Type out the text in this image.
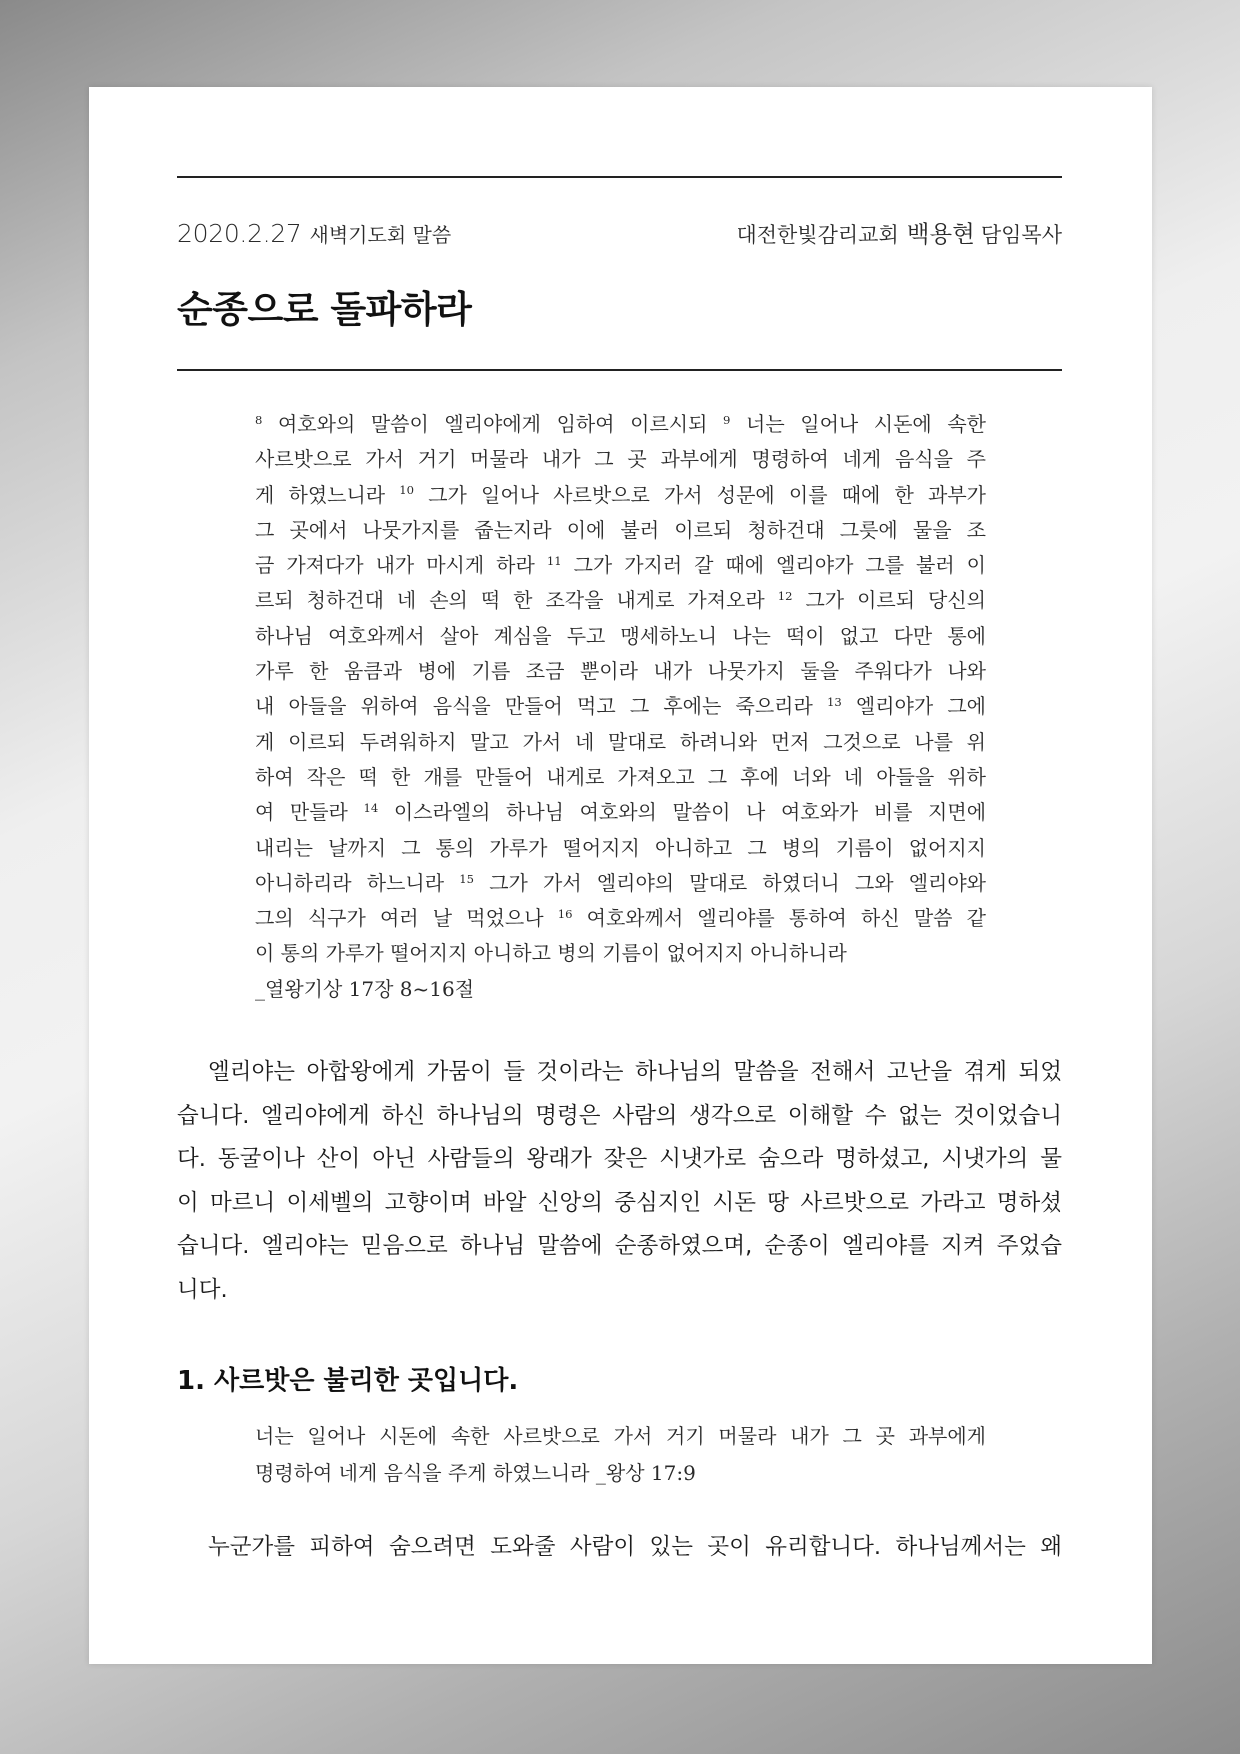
2020.2.27 새벽기도회 말씀	대전한빛감리교회 백용현 담임목사
순종으로 돌파하라
$^8$ 여호와의 말씀이 엘리야에게 임하여 이르시되 $^9$ 너는 일어나 시돈에 속한
사르밧으로 가서 거기 머물라 내가 그 곳 과부에게 명령하여 네게 음식을 주
게 하였느니라 $^{10}$ 그가 일어나 사르밧으로 가서 성문에 이를 때에 한 과부가
그 곳에서 나뭇가지를 줍는지라 이에 불러 이르되 청하건대 그릇에 물을 조
금 가져다가 내가 마시게 하라 $^{11}$ 그가 가지러 갈 때에 엘리야가 그를 불러 이
르되 청하건대 네 손의 떡 한 조각을 내게로 가져오라 $^{12}$ 그가 이르되 당신의
하나님 여호와께서 살아 계심을 두고 맹세하노니 나는 떡이 없고 다만 통에
가루 한 움큼과 병에 기름 조금 뿐이라 내가 나뭇가지 둘을 주워다가 나와
내 아들을 위하여 음식을 만들어 먹고 그 후에는 죽으리라 $^{13}$ 엘리야가 그에
게 이르되 두려워하지 말고 가서 네 말대로 하려니와 먼저 그것으로 나를 위
하여 작은 떡 한 개를 만들어 내게로 가져오고 그 후에 너와 네 아들을 위하
여 만들라 $^{14}$ 이스라엘의 하나님 여호와의 말씀이 나 여호와가 비를 지면에
내리는 날까지 그 통의 가루가 떨어지지 아니하고 그 병의 기름이 없어지지
아니하리라 하느니라 $^{15}$ 그가 가서 엘리야의 말대로 하였더니 그와 엘리야와
그의 식구가 여러 날 먹었으나 $^{16}$ 여호와께서 엘리야를 통하여 하신 말씀 같
이 통의 가루가 떨어지지 아니하고 병의 기름이 없어지지 아니하니라
_열왕기상 17장 8~16절
엘리야는 아합왕에게 가뭄이 들 것이라는 하나님의 말씀을 전해서 고난을 겪게 되었
습니다. 엘리야에게 하신 하나님의 명령은 사람의 생각으로 이해할 수 없는 것이었습니
다. 동굴이나 산이 아닌 사람들의 왕래가 잦은 시냇가로 숨으라 명하셨고, 시냇가의 물
이 마르니 이세벨의 고향이며 바알 신앙의 중심지인 시돈 땅 사르밧으로 가라고 명하셨
습니다. 엘리야는 믿음으로 하나님 말씀에 순종하였으며, 순종이 엘리야를 지켜 주었습
니다.
1. 사르밧은 불리한 곳입니다.
너는 일어나 시돈에 속한 사르밧으로 가서 거기 머물라 내가 그 곳 과부에게
명령하여 네게 음식을 주게 하였느니라 _왕상 17:9
누군가를 피하여 숨으려면 도와줄 사람이 있는 곳이 유리합니다. 하나님께서는 왜
